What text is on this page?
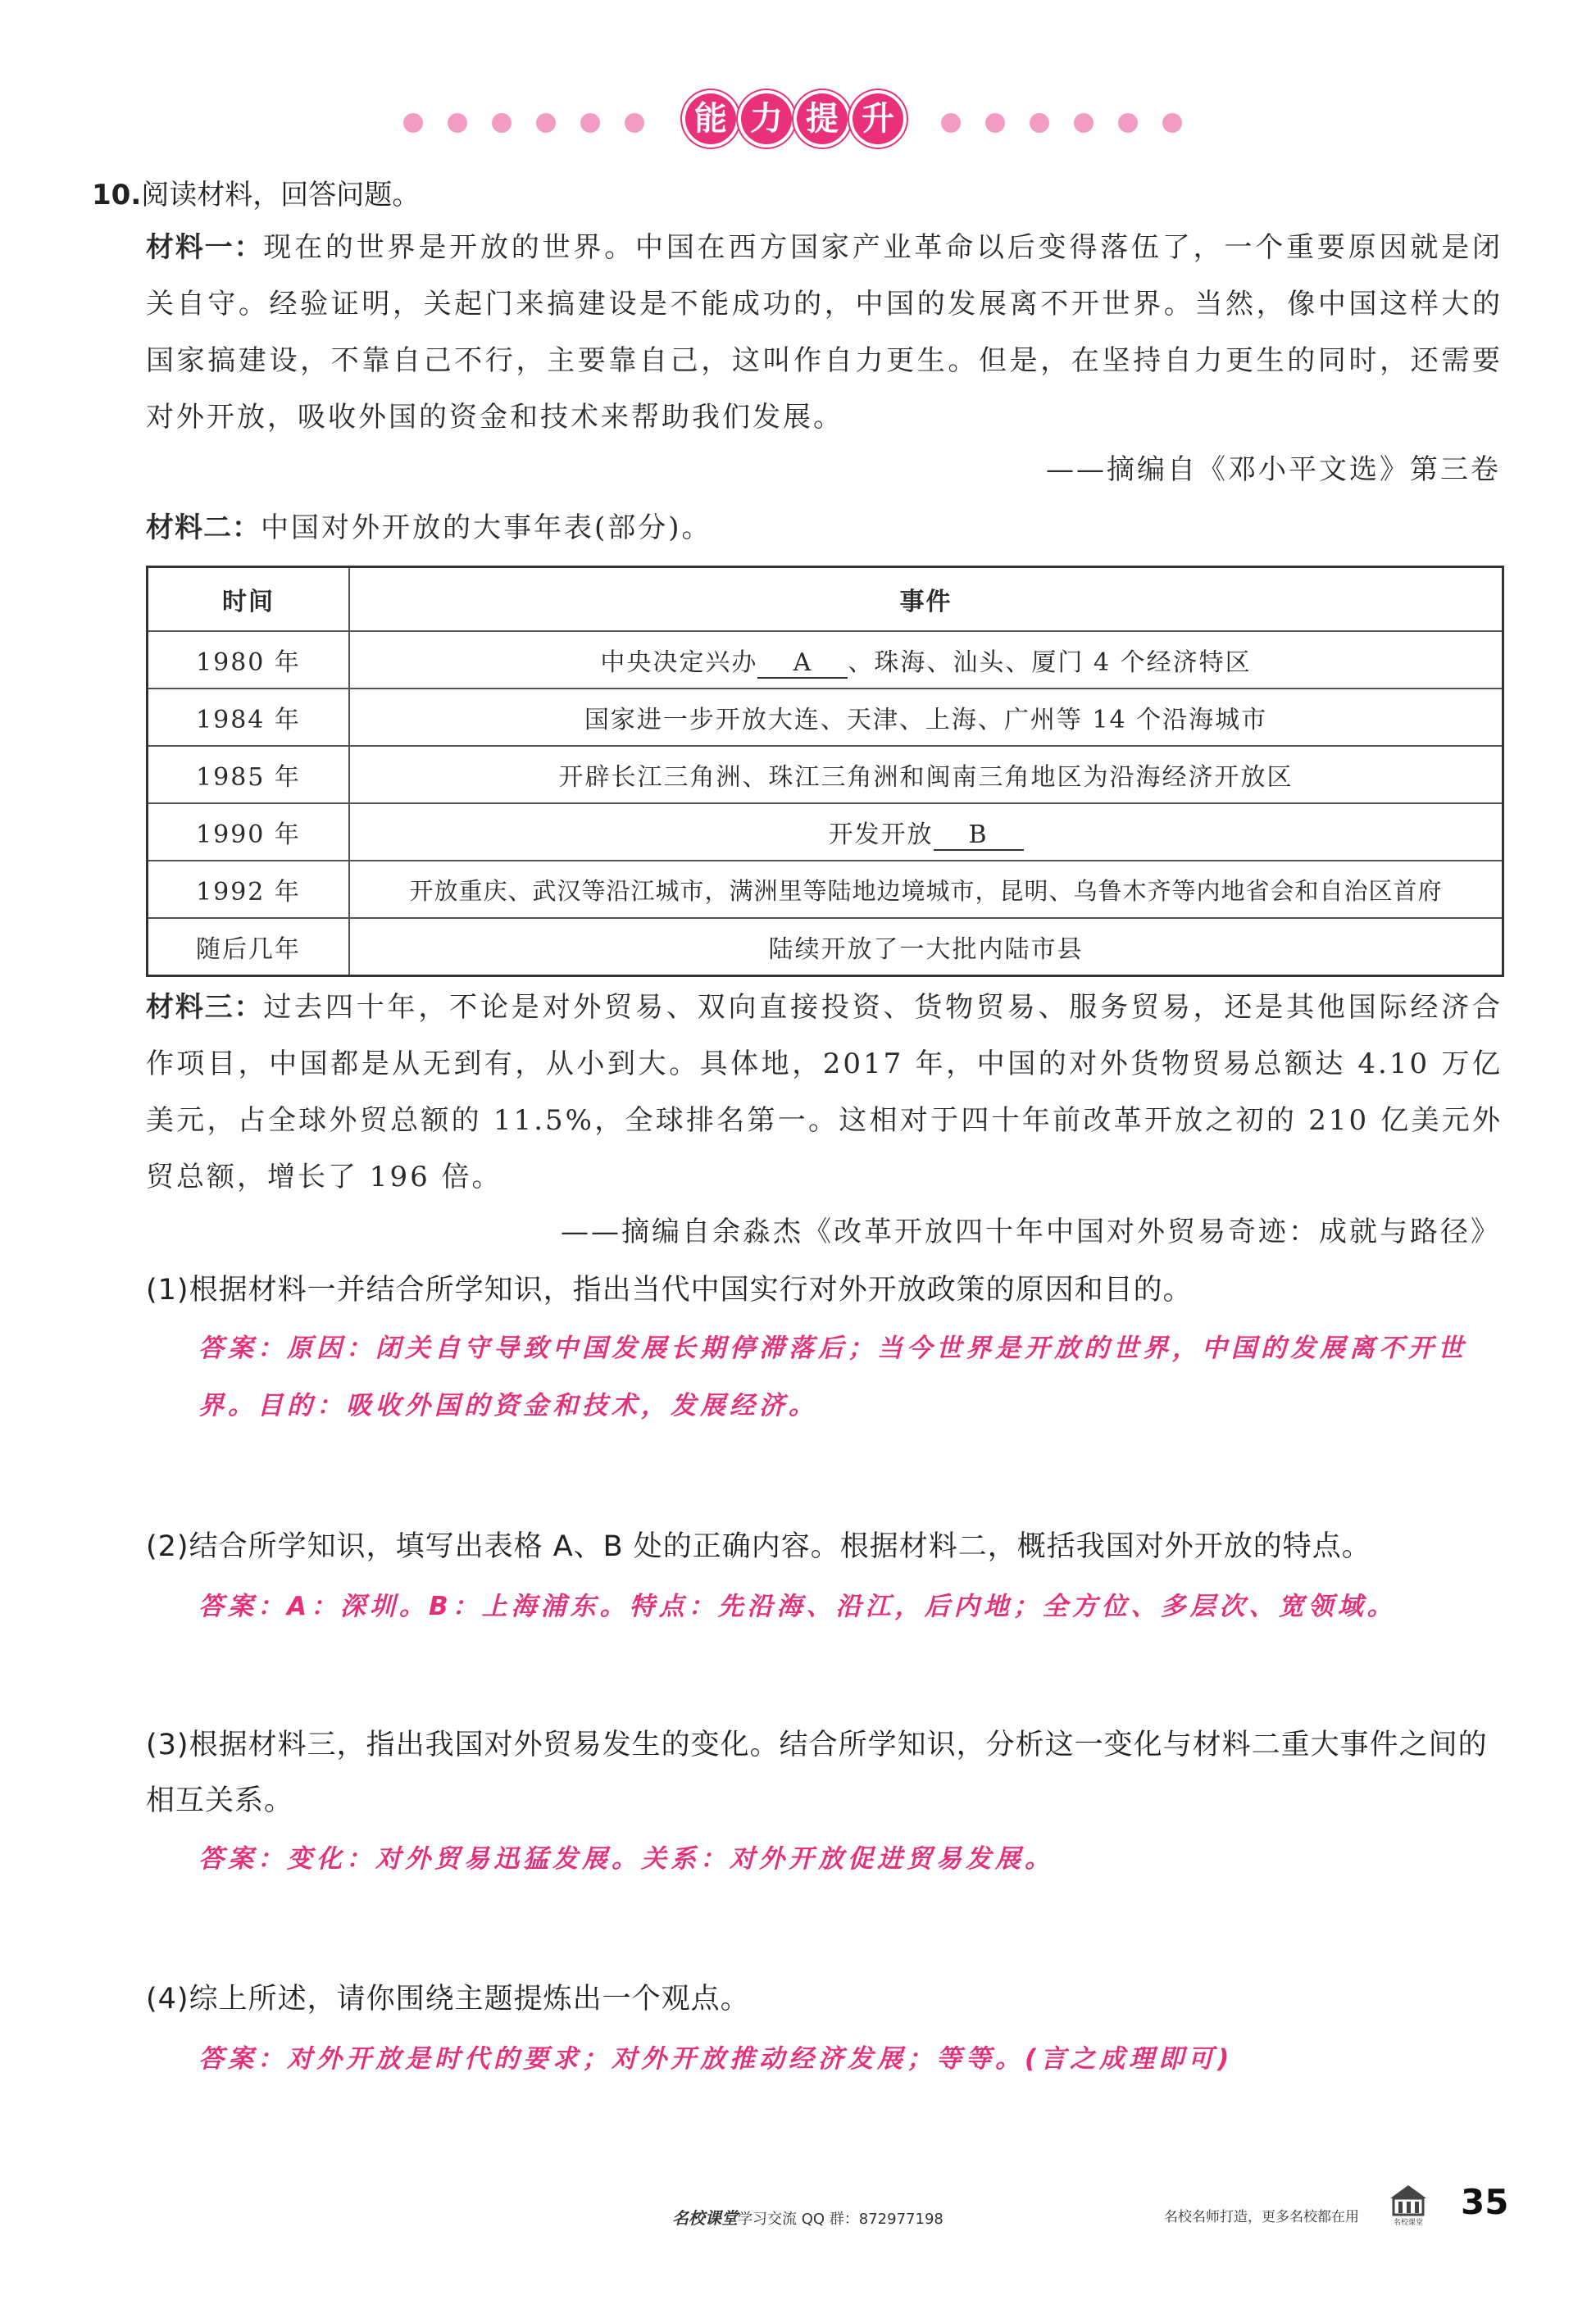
能 力 提 升
10.阅读材料，回答问题。
材料一：现在的世界是开放的世界。中国在西方国家产业革命以后变得落伍了，一个重要原因就是闭关自守。经验证明，关起门来搞建设是不能成功的，中国的发展离不开世界。当然，像中国这样大的国家搞建设，不靠自己不行，主要靠自己，这叫作自力更生。但是，在坚持自力更生的同时，还需要对外开放，吸收外国的资金和技术来帮助我们发展。
——摘编自《邓小平文选》第三卷
材料二：中国对外开放的大事年表(部分)。
时间	事件
1980 年	中央决定兴办 A 、珠海、汕头、厦门 4 个经济特区
1984 年	国家进一步开放大连、天津、上海、广州等 14 个沿海城市
1985 年	开辟长江三角洲、珠江三角洲和闽南三角地区为沿海经济开放区
1990 年	开发开放 B
1992 年	开放重庆、武汉等沿江城市，满洲里等陆地边境城市，昆明、乌鲁木齐等内地省会和自治区首府
随后几年	陆续开放了一大批内陆市县
材料三：过去四十年，不论是对外贸易、双向直接投资、货物贸易、服务贸易，还是其他国际经济合作项目，中国都是从无到有，从小到大。具体地，2017 年，中国的对外货物贸易总额达 4.10 万亿美元，占全球外贸总额的 11.5%，全球排名第一。这相对于四十年前改革开放之初的 210 亿美元外贸总额，增长了 196 倍。
——摘编自余淼杰《改革开放四十年中国对外贸易奇迹：成就与路径》
(1)根据材料一并结合所学知识，指出当代中国实行对外开放政策的原因和目的。
答案：原因：闭关自守导致中国发展长期停滞落后；当今世界是开放的世界，中国的发展离不开世界。目的：吸收外国的资金和技术，发展经济。
(2)结合所学知识，填写出表格 A、B 处的正确内容。根据材料二，概括我国对外开放的特点。
答案：A：深圳。B：上海浦东。特点：先沿海、沿江，后内地；全方位、多层次、宽领域。
(3)根据材料三，指出我国对外贸易发生的变化。结合所学知识，分析这一变化与材料二重大事件之间的相互关系。
答案：变化：对外贸易迅猛发展。关系：对外开放促进贸易发展。
(4)综上所述，请你围绕主题提炼出一个观点。
答案：对外开放是时代的要求；对外开放推动经济发展；等等。(言之成理即可)
名校课堂学习交流 QQ 群：872977198	名校名师打造，更多名校都在用	名校课堂
35
